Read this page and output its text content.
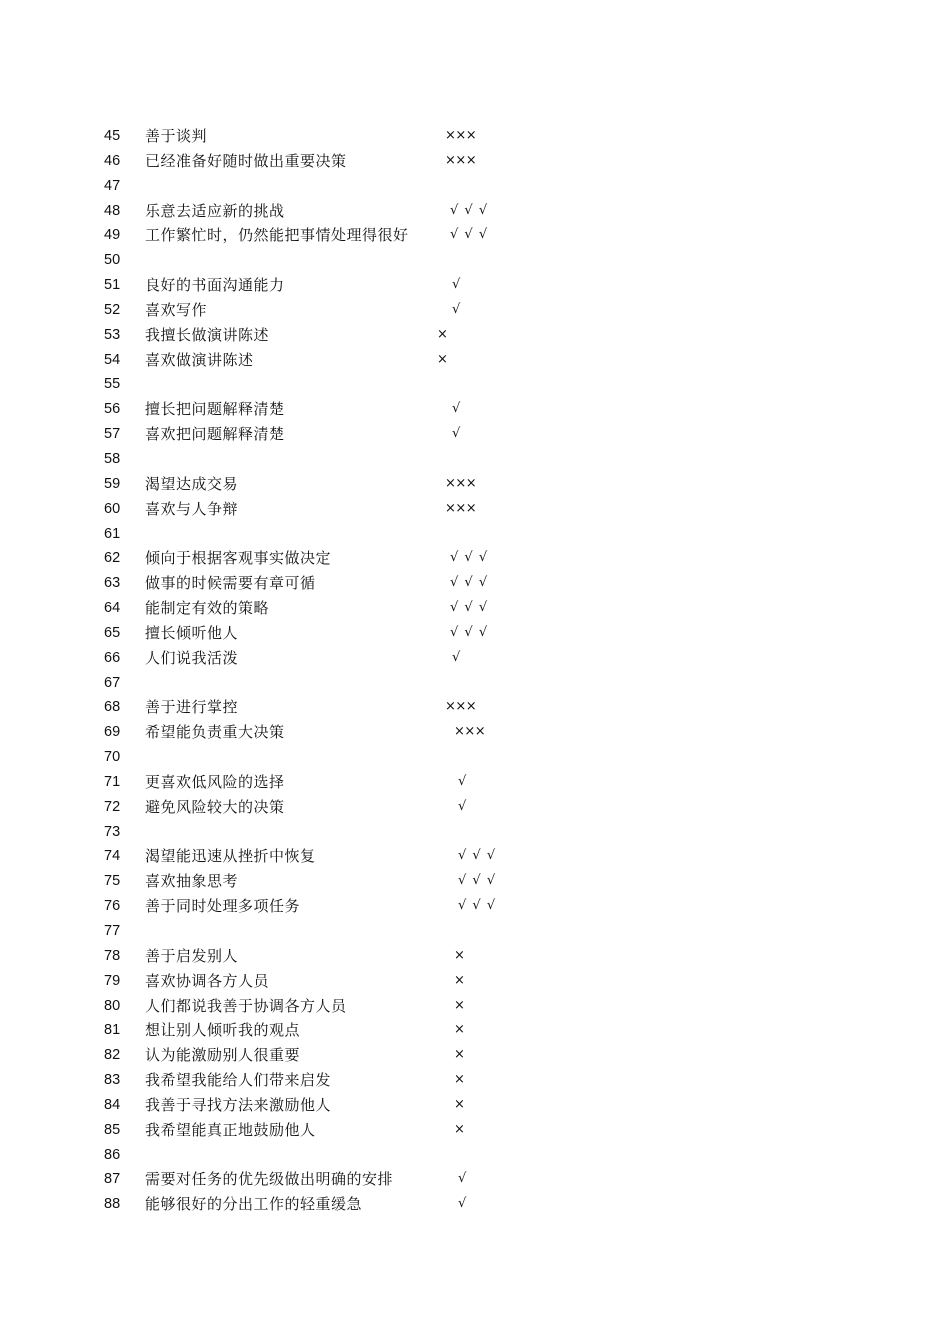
45 善于谈判	×××
46 已经准备好随时做出重要决策	×××
47
48 乐意去适应新的挑战	√ √ √
49 工作繁忙时，仍然能把事情处理得很好	√ √ √
50
51 良好的书面沟通能力	√
52 喜欢写作	√
53 我擅长做演讲陈述	×
54 喜欢做演讲陈述	×
55
56 擅长把问题解释清楚	√
57 喜欢把问题解释清楚	√
58
59 渴望达成交易	×××
60 喜欢与人争辩	×××
61
62 倾向于根据客观事实做决定	√ √ √
63 做事的时候需要有章可循	√ √ √
64 能制定有效的策略	√ √ √
65 擅长倾听他人	√ √ √
66 人们说我活泼	√
67
68 善于进行掌控	×××
69 希望能负责重大决策	×××
70
71 更喜欢低风险的选择	√
72 避免风险较大的决策	√
73
74 渴望能迅速从挫折中恢复	√ √ √
75 喜欢抽象思考	√ √ √
76 善于同时处理多项任务	√ √ √
77
78 善于启发别人	×
79 喜欢协调各方人员	×
80 人们都说我善于协调各方人员	×
81 想让别人倾听我的观点	×
82 认为能激励别人很重要	×
83 我希望我能给人们带来启发	×
84 我善于寻找方法来激励他人	×
85 我希望能真正地鼓励他人	×
86
87 需要对任务的优先级做出明确的安排	√
88 能够很好的分出工作的轻重缓急	√
